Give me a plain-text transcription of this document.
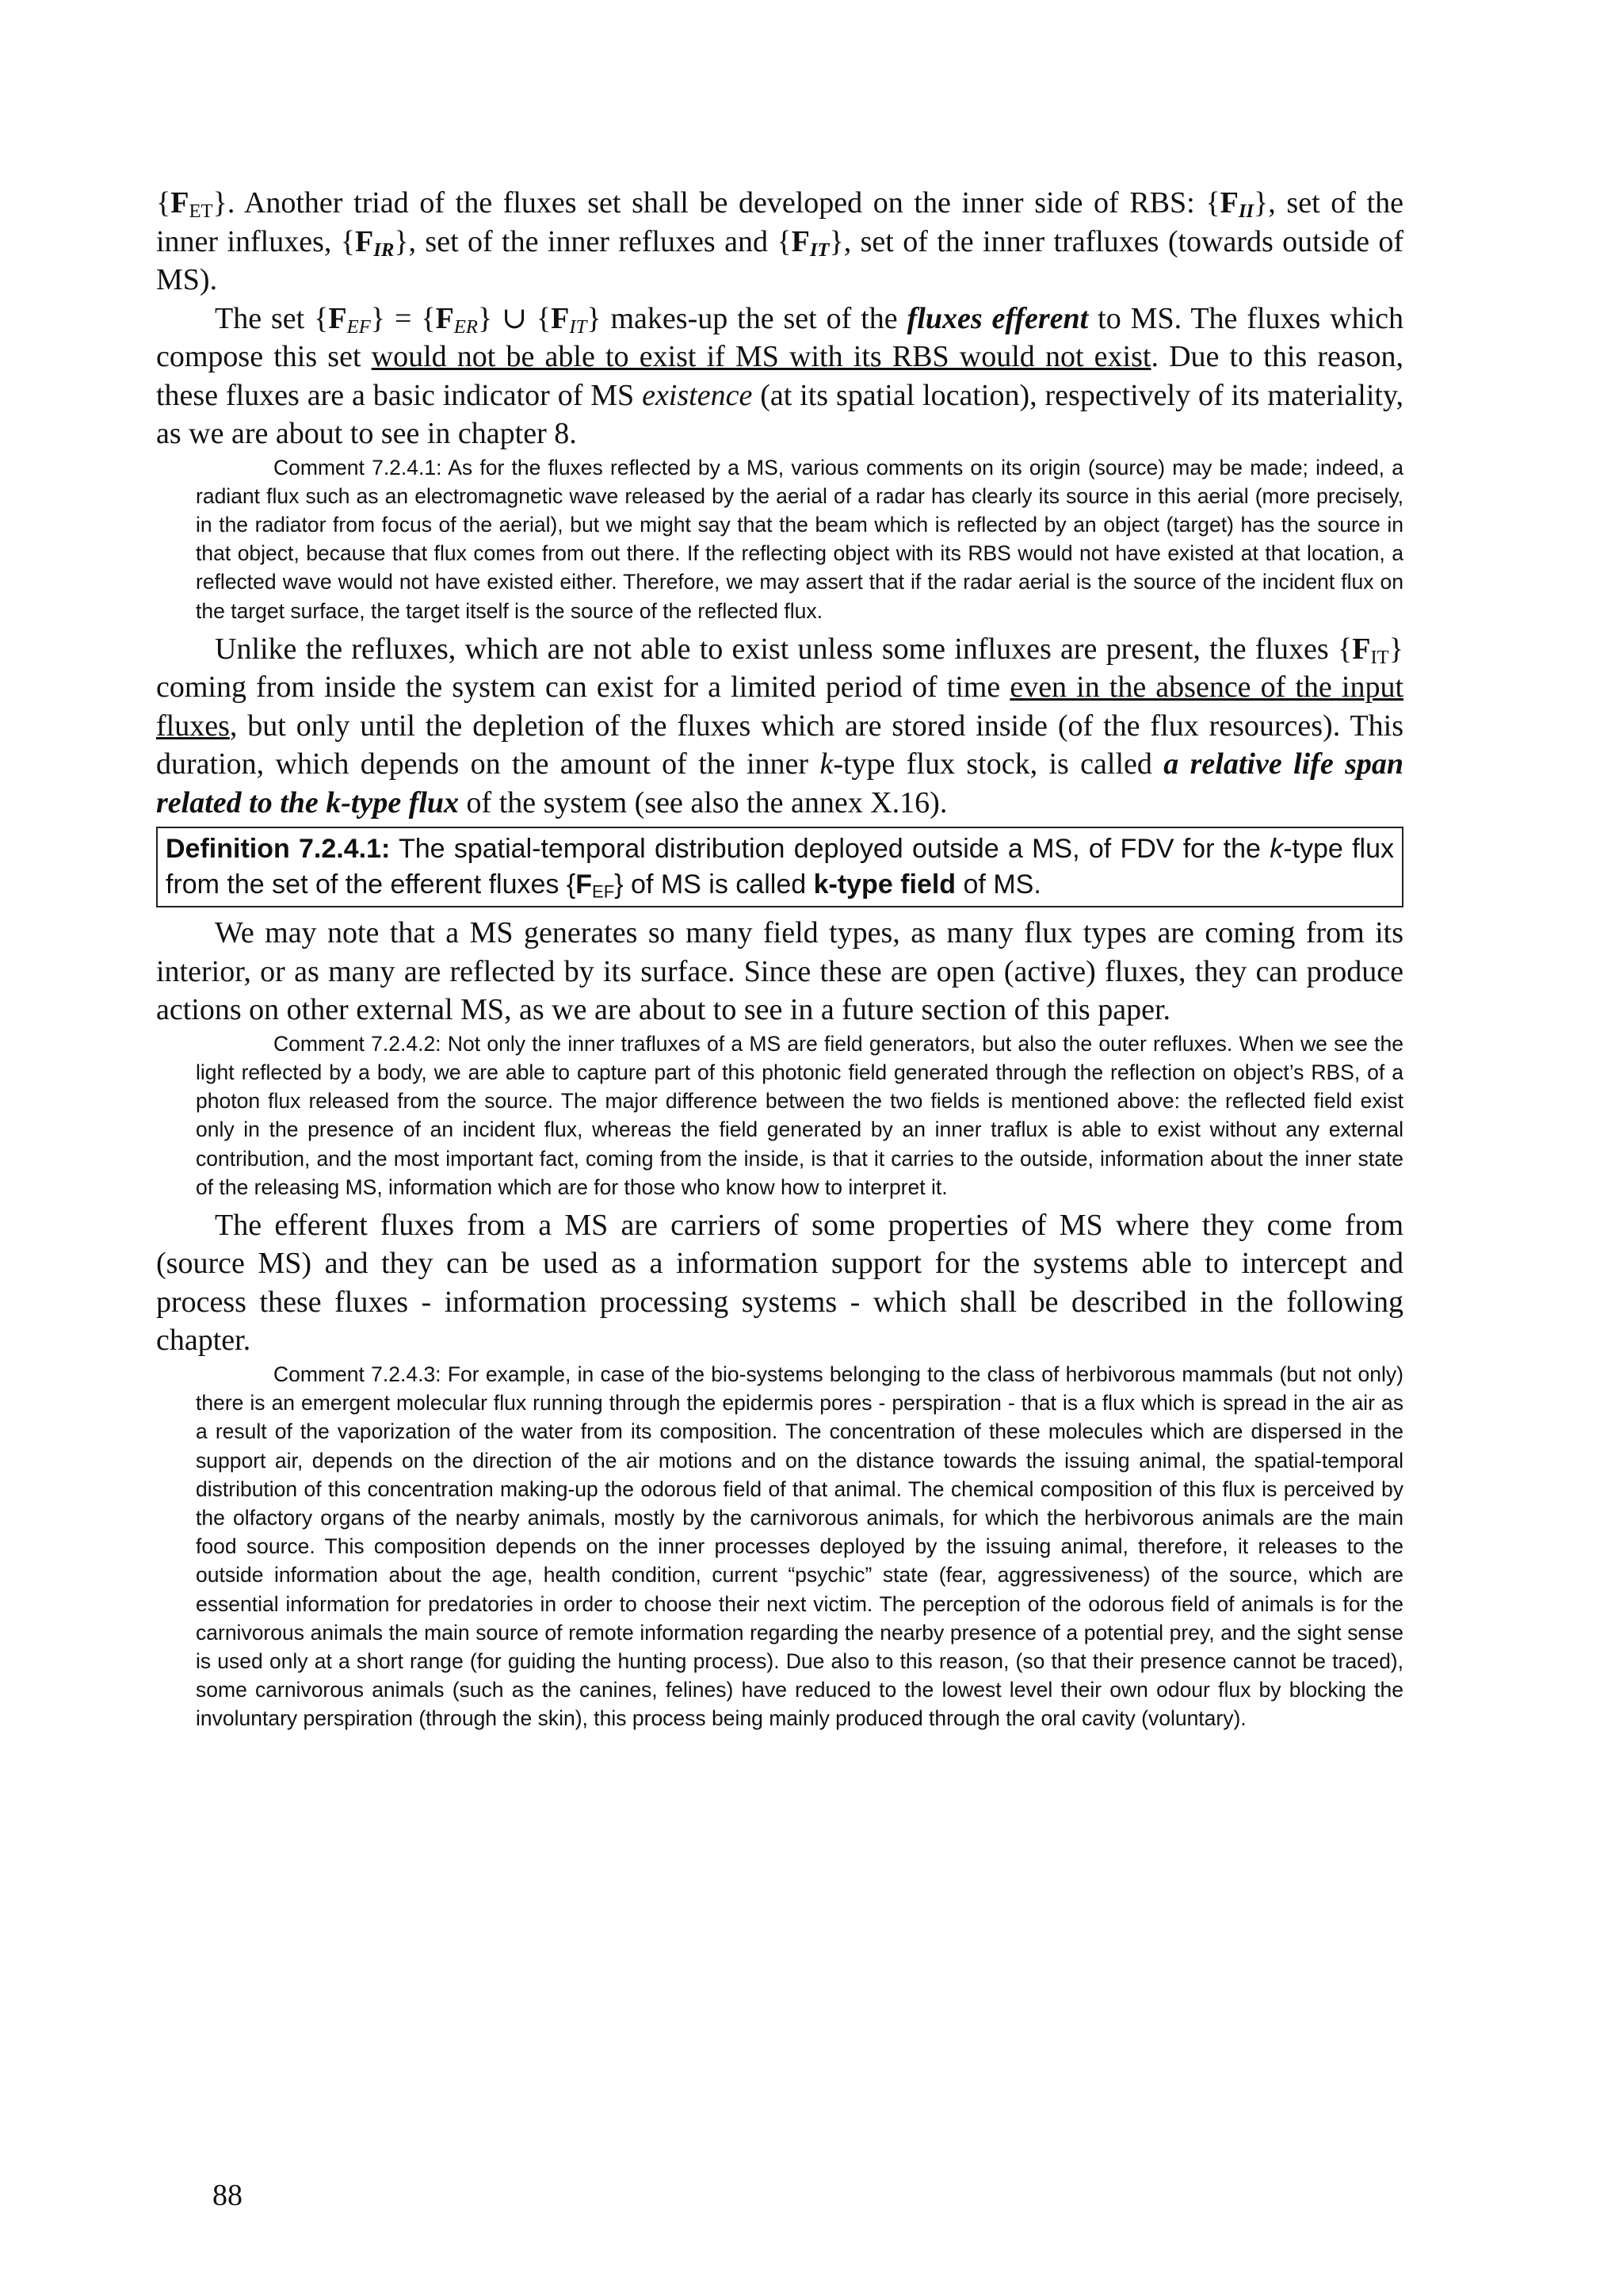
$\{F_{ET}\}$. Another triad of the fluxes set shall be developed on the inner side of RBS: $\{F_{II}\}$, set of the inner influxes, $\{F_{IR}\}$, set of the inner refluxes and $\{F_{IT}\}$, set of the inner trafluxes (towards outside of MS).

The set $\{F_{EF}\} = \{F_{ER}\}$ ∪ $\{F_{IT}\}$ makes-up the set of the fluxes efferent to MS. The fluxes which compose this set would not be able to exist if MS with its RBS would not exist. Due to this reason, these fluxes are a basic indicator of MS existence (at its spatial location), respectively of its materiality, as we are about to see in chapter 8.

Comment 7.2.4.1: As for the fluxes reflected by a MS, various comments on its origin (source) may be made; indeed, a radiant flux such as an electromagnetic wave released by the aerial of a radar has clearly its source in this aerial (more precisely, in the radiator from focus of the aerial), but we might say that the beam which is reflected by an object (target) has the source in that object, because that flux comes from out there. If the reflecting object with its RBS would not have existed at that location, a reflected wave would not have existed either. Therefore, we may assert that if the radar aerial is the source of the incident flux on the target surface, the target itself is the source of the reflected flux.

Unlike the refluxes, which are not able to exist unless some influxes are present, the fluxes $\{F_{IT}\}$ coming from inside the system can exist for a limited period of time even in the absence of the input fluxes, but only until the depletion of the fluxes which are stored inside (of the flux resources). This duration, which depends on the amount of the inner k-type flux stock, is called a relative life span related to the k-type flux of the system (see also the annex X.16).

Definition 7.2.4.1: The spatial-temporal distribution deployed outside a MS, of FDV for the k-type flux from the set of the efferent fluxes $\{F_{EF}\}$ of MS is called k-type field of MS.

We may note that a MS generates so many field types, as many flux types are coming from its interior, or as many are reflected by its surface. Since these are open (active) fluxes, they can produce actions on other external MS, as we are about to see in a future section of this paper.

Comment 7.2.4.2: Not only the inner trafluxes of a MS are field generators, but also the outer refluxes. When we see the light reflected by a body, we are able to capture part of this photonic field generated through the reflection on object’s RBS, of a photon flux released from the source. The major difference between the two fields is mentioned above: the reflected field exist only in the presence of an incident flux, whereas the field generated by an inner traflux is able to exist without any external contribution, and the most important fact, coming from the inside, is that it carries to the outside, information about the inner state of the releasing MS, information which are for those who know how to interpret it.

The efferent fluxes from a MS are carriers of some properties of MS where they come from (source MS) and they can be used as a information support for the systems able to intercept and process these fluxes - information processing systems - which shall be described in the following chapter.

Comment 7.2.4.3: For example, in case of the bio-systems belonging to the class of herbivorous mammals (but not only) there is an emergent molecular flux running through the epidermis pores - perspiration - that is a flux which is spread in the air as a result of the vaporization of the water from its composition. The concentration of these molecules which are dispersed in the support air, depends on the direction of the air motions and on the distance towards the issuing animal, the spatial-temporal distribution of this concentration making-up the odorous field of that animal. The chemical composition of this flux is perceived by the olfactory organs of the nearby animals, mostly by the carnivorous animals, for which the herbivorous animals are the main food source. This composition depends on the inner processes deployed by the issuing animal, therefore, it releases to the outside information about the age, health condition, current “psychic” state (fear, aggressiveness) of the source, which are essential information for predatories in order to choose their next victim. The perception of the odorous field of animals is for the carnivorous animals the main source of remote information regarding the nearby presence of a potential prey, and the sight sense is used only at a short range (for guiding the hunting process). Due also to this reason, (so that their presence cannot be traced), some carnivorous animals (such as the canines, felines) have reduced to the lowest level their own odour flux by blocking the involuntary perspiration (through the skin), this process being mainly produced through the oral cavity (voluntary).

88
